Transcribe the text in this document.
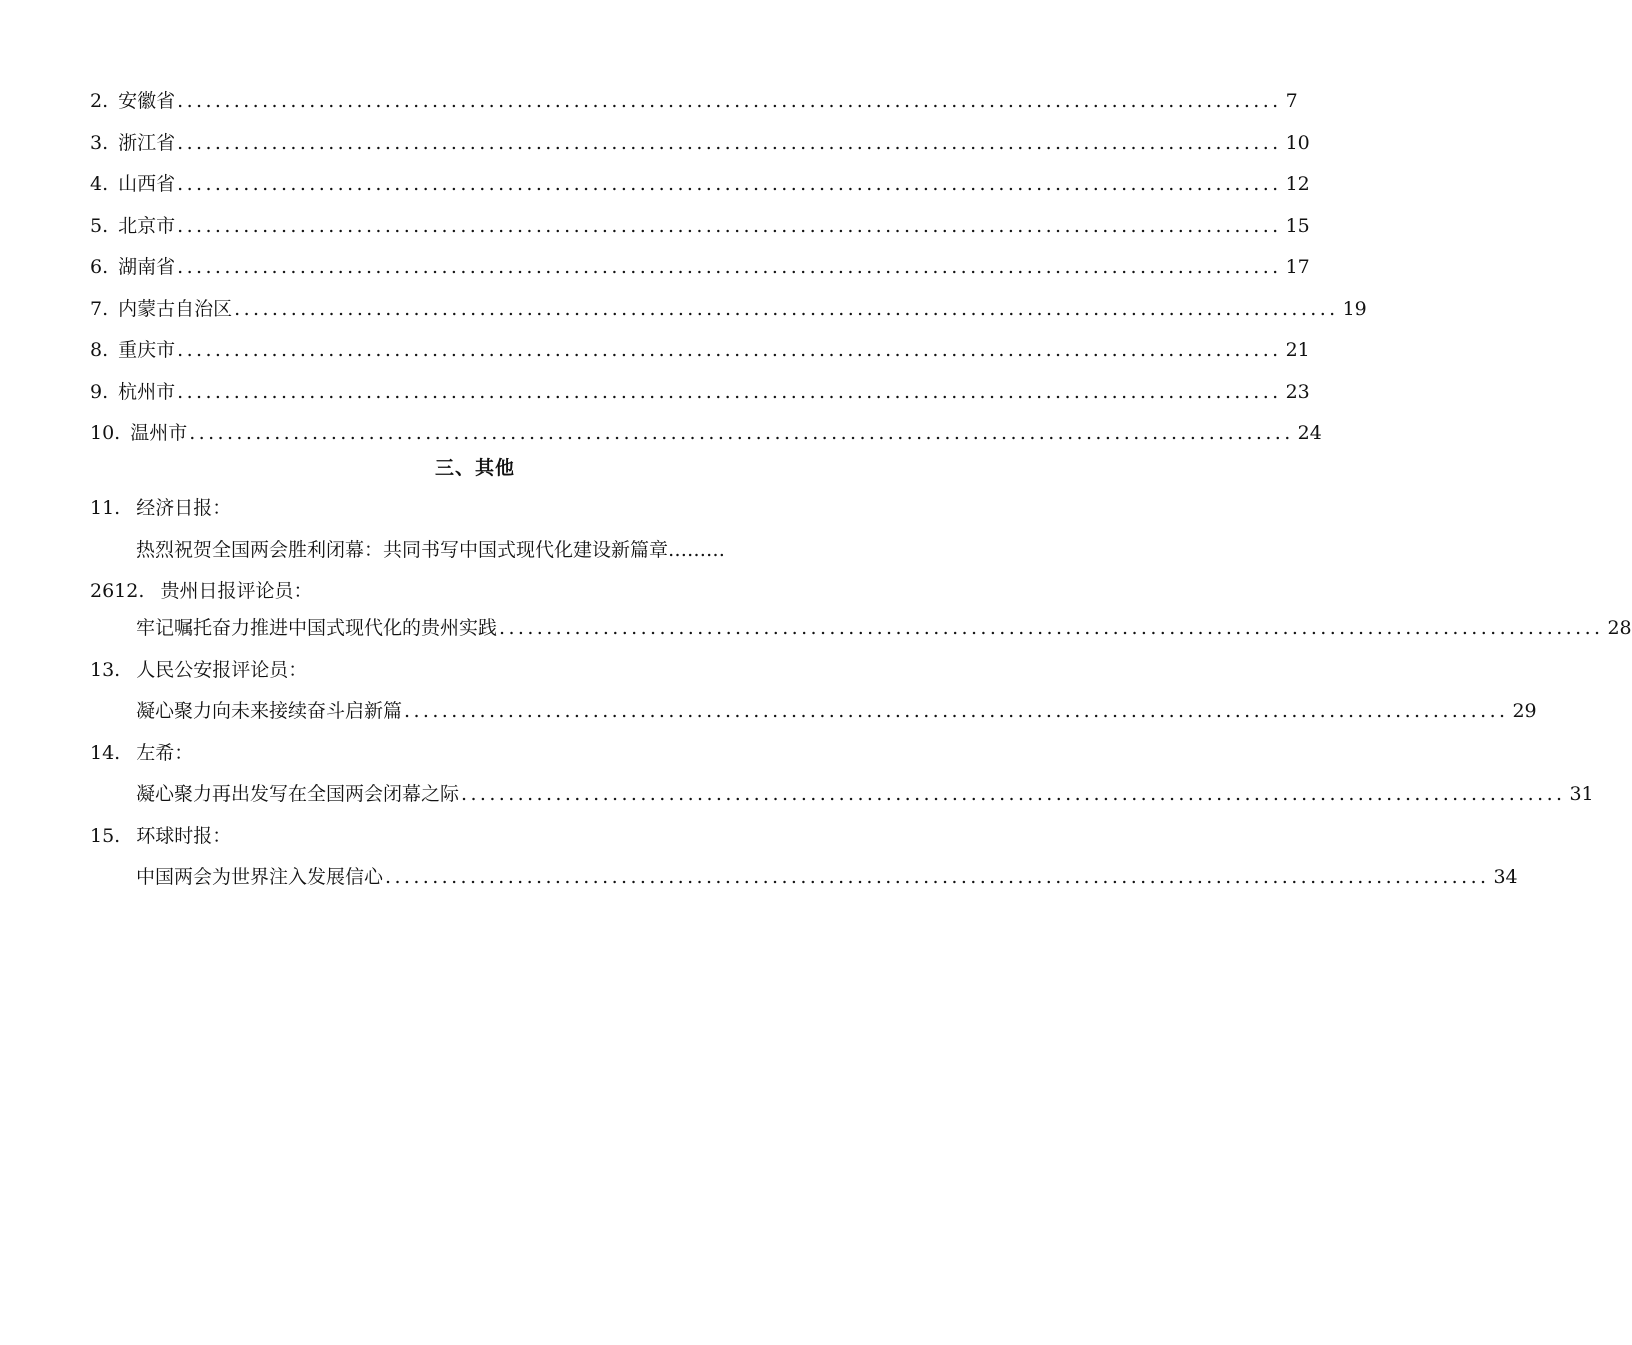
2. 安徽省 ..................................................................................................................... 7
3. 浙江省 ..................................................................................................................... 10
4. 山西省 ..................................................................................................................... 12
5. 北京市 ..................................................................................................................... 15
6. 湖南省 ..................................................................................................................... 17
7. 内蒙古自治区 ..................................................................................................................... 19
8. 重庆市 ..................................................................................................................... 21
9. 杭州市 ..................................................................................................................... 23
10. 温州市 ..................................................................................................................... 24
三、其他
11. 经济日报：
热烈祝贺全国两会胜利闭幕：共同书写中国式现代化建设新篇章………
2612. 贵州日报评论员：
牢记嘱托奋力推进中国式现代化的贵州实践 ..................................................................................................................... 28
13. 人民公安报评论员：
凝心聚力向未来接续奋斗启新篇 ..................................................................................................................... 29
14. 左希：
凝心聚力再出发写在全国两会闭幕之际 ..................................................................................................................... 31
15. 环球时报：
中国两会为世界注入发展信心 ..................................................................................................................... 34
